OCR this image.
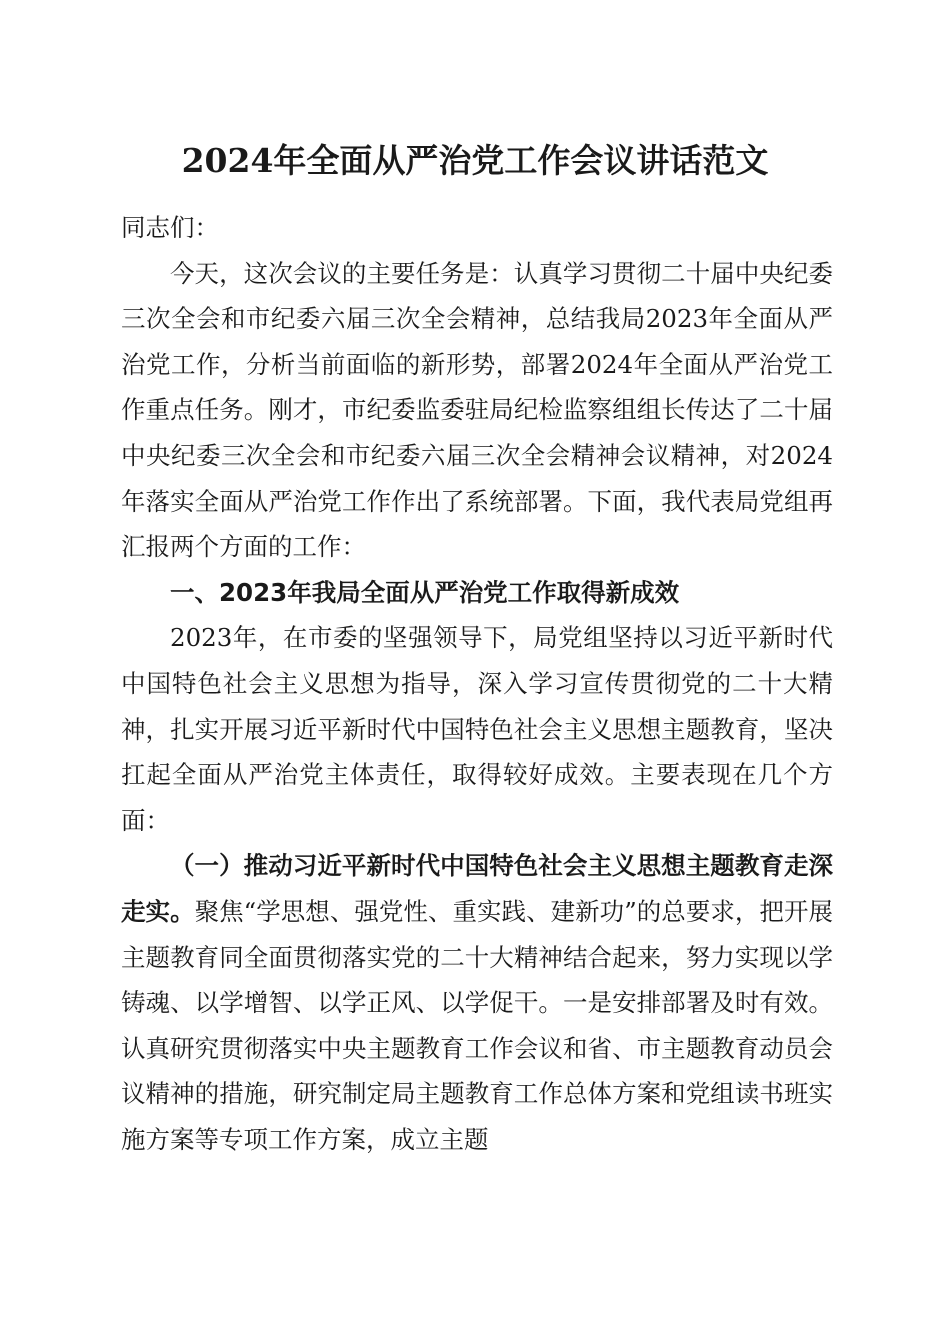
2024年全面从严治党工作会议讲话范文

同志们：

今天，这次会议的主要任务是：认真学习贯彻二十届中央纪委三次全会和市纪委六届三次全会精神，总结我局2023年全面从严治党工作，分析当前面临的新形势，部署2024年全面从严治党工作重点任务。刚才，市纪委监委驻局纪检监察组组长传达了二十届中央纪委三次全会和市纪委六届三次全会精神会议精神，对2024年落实全面从严治党工作作出了系统部署。下面，我代表局党组再汇报两个方面的工作：

一、2023年我局全面从严治党工作取得新成效

2023年，在市委的坚强领导下，局党组坚持以习近平新时代中国特色社会主义思想为指导，深入学习宣传贯彻党的二十大精神，扎实开展习近平新时代中国特色社会主义思想主题教育，坚决扛起全面从严治党主体责任，取得较好成效。主要表现在几个方面：

（一）推动习近平新时代中国特色社会主义思想主题教育走深走实。聚焦“学思想、强党性、重实践、建新功”的总要求，把开展主题教育同全面贯彻落实党的二十大精神结合起来，努力实现以学铸魂、以学增智、以学正风、以学促干。一是安排部署及时有效。认真研究贯彻落实中央主题教育工作会议和省、市主题教育动员会议精神的措施，研究制定局主题教育工作总体方案和党组读书班实施方案等专项工作方案，成立主题
